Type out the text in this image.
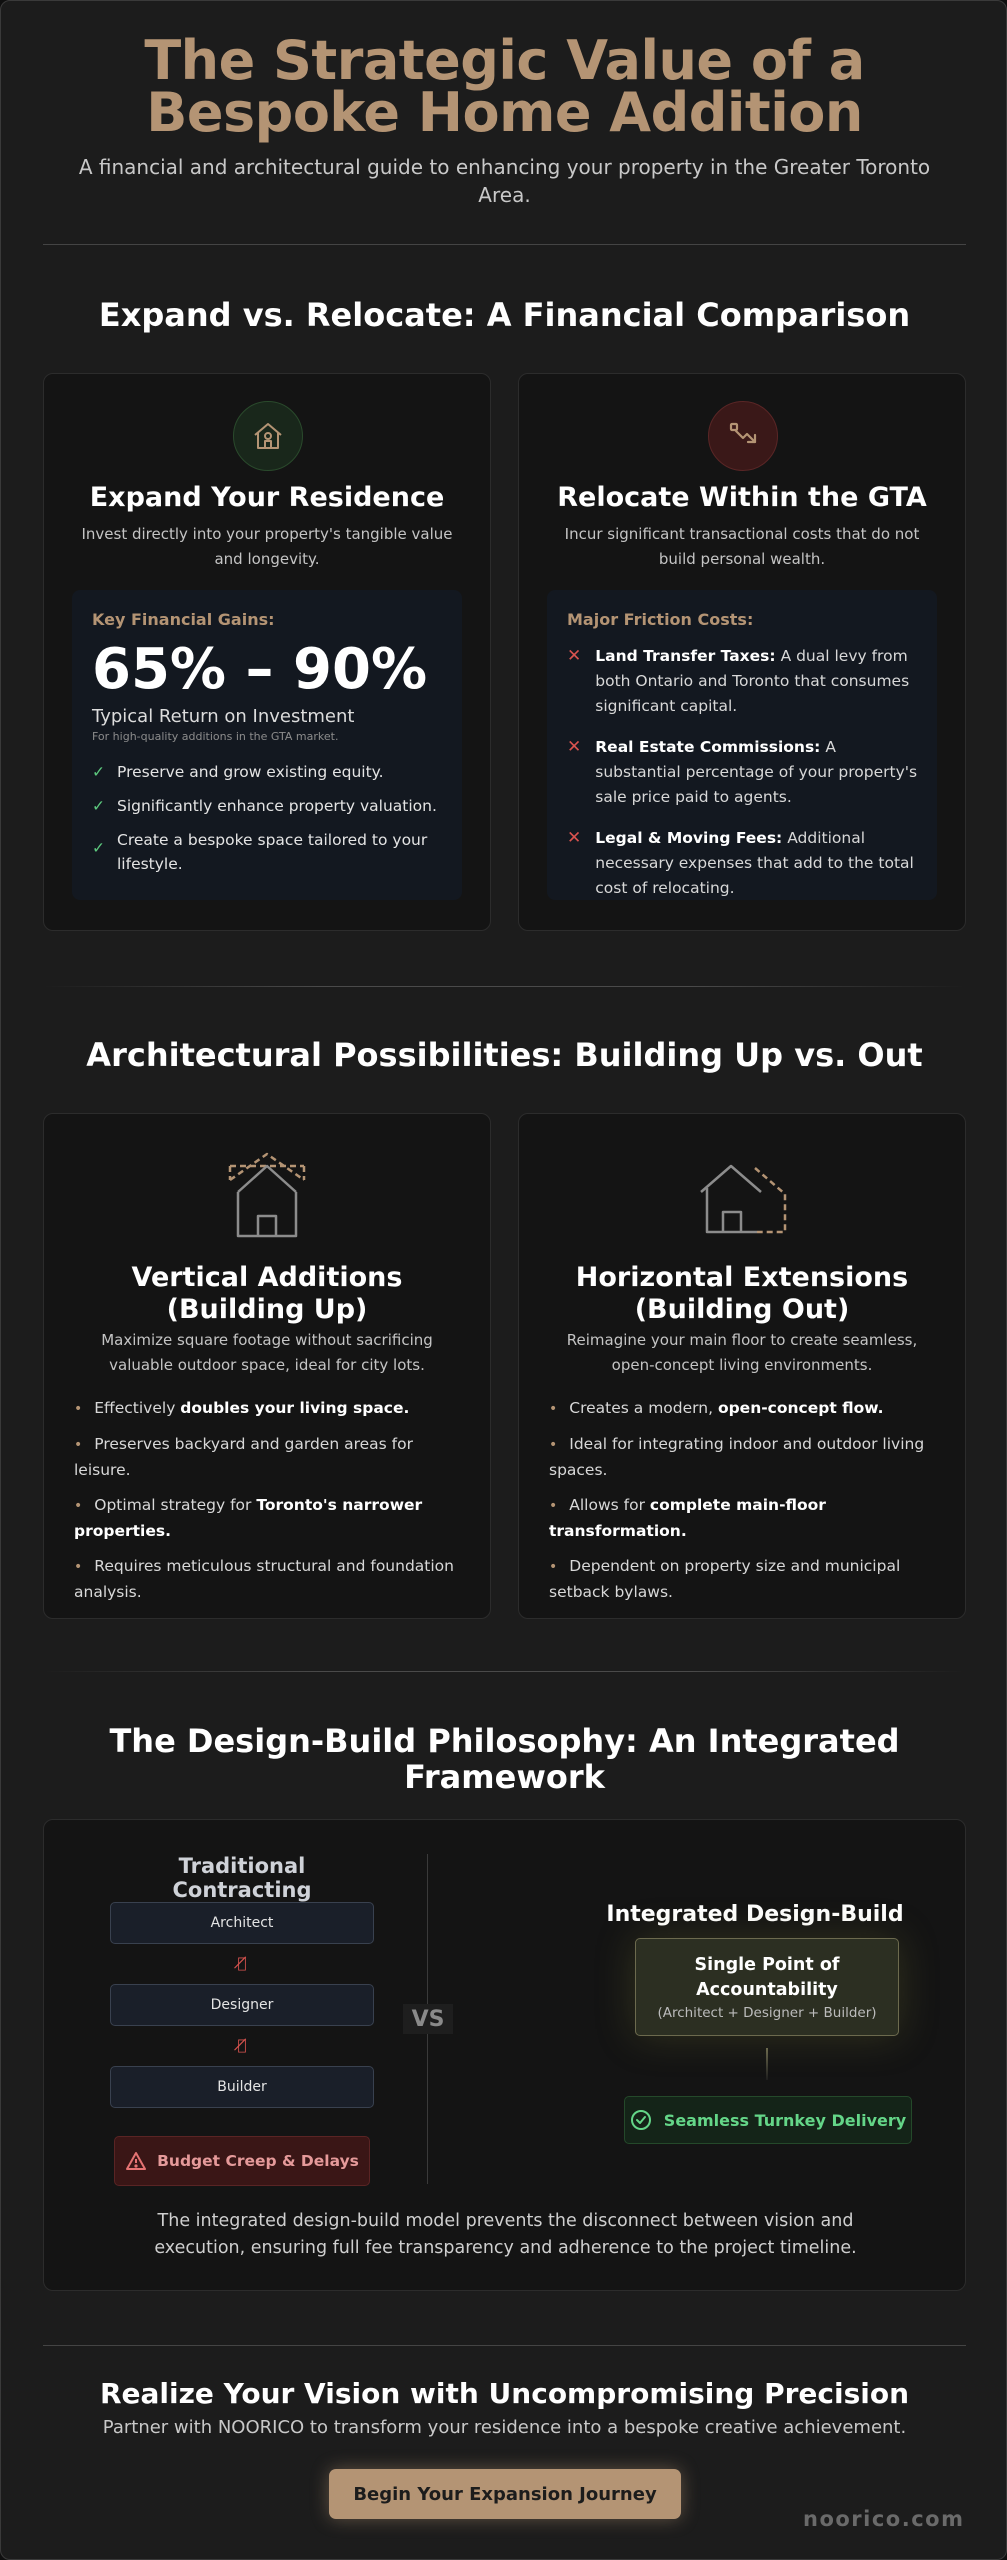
The Strategic Value of a Bespoke Home Addition
A financial and architectural guide to enhancing your property in the Greater Toronto Area.
Expand vs. Relocate: A Financial Comparison
Expand Your Residence
Invest directly into your property's tangible value and longevity.
Key Financial Gains:
65% – 90%
Typical Return on Investment
For high-quality additions in the GTA market.
✓ Preserve and grow existing equity.
✓ Significantly enhance property valuation.
✓ Create a bespoke space tailored to your lifestyle.
Relocate Within the GTA
Incur significant transactional costs that do not build personal wealth.
Major Friction Costs:
✕ Land Transfer Taxes: A dual levy from both Ontario and Toronto that consumes significant capital.
✕ Real Estate Commissions: A substantial percentage of your property's sale price paid to agents.
✕ Legal & Moving Fees: Additional necessary expenses that add to the total cost of relocating.
Architectural Possibilities: Building Up vs. Out
Vertical Additions (Building Up)
Maximize square footage without sacrificing valuable outdoor space, ideal for city lots.
• Effectively doubles your living space.
• Preserves backyard and garden areas for leisure.
• Optimal strategy for Toronto's narrower properties.
• Requires meticulous structural and foundation analysis.
Horizontal Extensions (Building Out)
Reimagine your main floor to create seamless, open-concept living environments.
• Creates a modern, open-concept flow.
• Ideal for integrating indoor and outdoor living spaces.
• Allows for complete main-floor transformation.
• Dependent on property size and municipal setback bylaws.
The Design-Build Philosophy: An Integrated Framework
Traditional Contracting
Architect
⛓̸
Designer
⛓̸
Builder
Budget Creep & Delays
VS
Integrated Design-Build
Single Point of Accountability
(Architect + Designer + Builder)
Seamless Turnkey Delivery
The integrated design-build model prevents the disconnect between vision and execution, ensuring full fee transparency and adherence to the project timeline.
Realize Your Vision with Uncompromising Precision
Partner with NOORICO to transform your residence into a bespoke creative achievement.
Begin Your Expansion Journey
noorico.com
